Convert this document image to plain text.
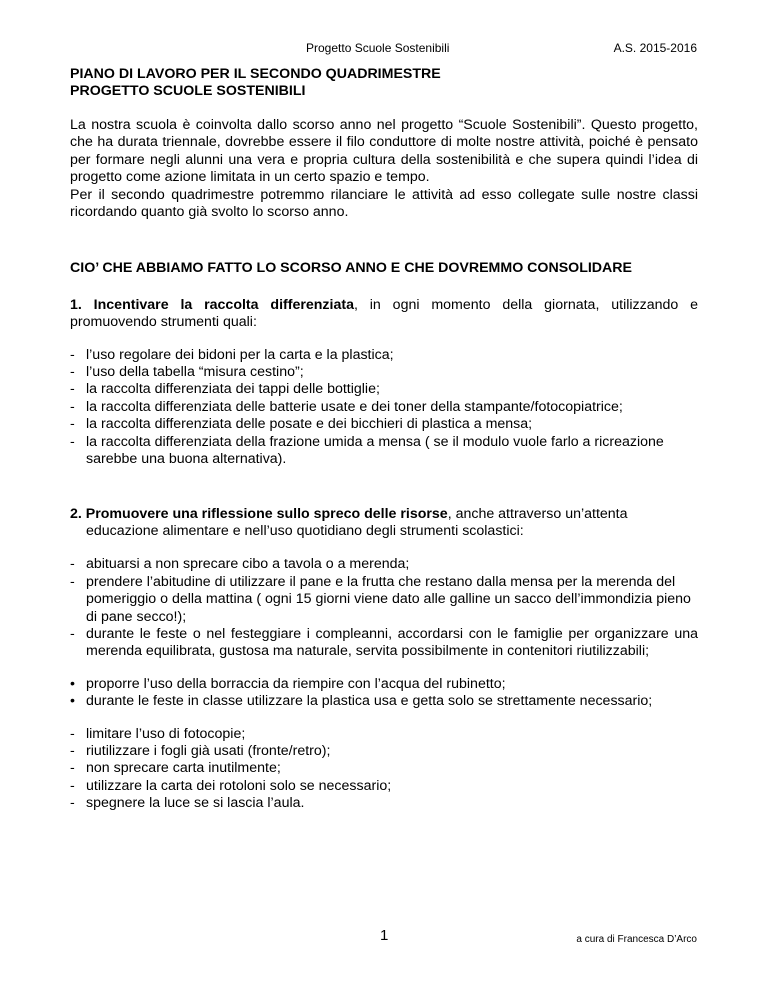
Progetto Scuole Sostenibili	A.S. 2015-2016
PIANO DI LAVORO PER IL SECONDO QUADRIMESTRE
PROGETTO SCUOLE SOSTENIBILI

La nostra scuola è coinvolta dallo scorso anno nel progetto “Scuole Sostenibili”. Questo progetto, che ha durata triennale, dovrebbe essere il filo conduttore di molte nostre attività, poiché è pensato per formare negli alunni una vera e propria cultura della sostenibilità e che supera quindi l’idea di progetto come azione limitata in un certo spazio e tempo.

Per il secondo quadrimestre potremmo rilanciare le attività ad esso collegate sulle nostre classi ricordando quanto già svolto lo scorso anno.

CIO’ CHE ABBIAMO FATTO LO SCORSO ANNO E CHE DOVREMMO CONSOLIDARE
1. Incentivare la raccolta differenziata, in ogni momento della giornata, utilizzando e promuovendo strumenti quali:
- l’uso regolare dei bidoni per la carta e la plastica;
- l’uso della tabella “misura cestino”;
- la raccolta differenziata dei tappi delle bottiglie;
- la raccolta differenziata delle batterie usate e dei toner della stampante/fotocopiatrice;
- la raccolta differenziata delle posate e dei bicchieri di plastica a mensa;
- la raccolta differenziata della frazione umida a mensa ( se il modulo vuole farlo a ricreazione sarebbe una buona alternativa).
2. Promuovere una riflessione sullo spreco delle risorse, anche attraverso un’attenta
educazione alimentare e nell’uso quotidiano degli strumenti scolastici:
- abituarsi a non sprecare cibo a tavola o a merenda;
- prendere l’abitudine di utilizzare il pane e la frutta che restano dalla mensa per la merenda del pomeriggio o della mattina ( ogni 15 giorni viene dato alle galline un sacco dell’immondizia pieno di pane secco!);
- durante le feste o nel festeggiare i compleanni, accordarsi con le famiglie per organizzare una merenda equilibrata, gustosa ma naturale, servita possibilmente in contenitori riutilizzabili;
• proporre l’uso della borraccia da riempire con l’acqua del rubinetto;
• durante le feste in classe utilizzare la plastica usa e getta solo se strettamente necessario;
- limitare l’uso di fotocopie;
- riutilizzare i fogli già usati (fronte/retro);
- non sprecare carta inutilmente;
- utilizzare la carta dei rotoloni solo se necessario;
- spegnere la luce se si lascia l’aula.
1	a cura di Francesca D’Arco
